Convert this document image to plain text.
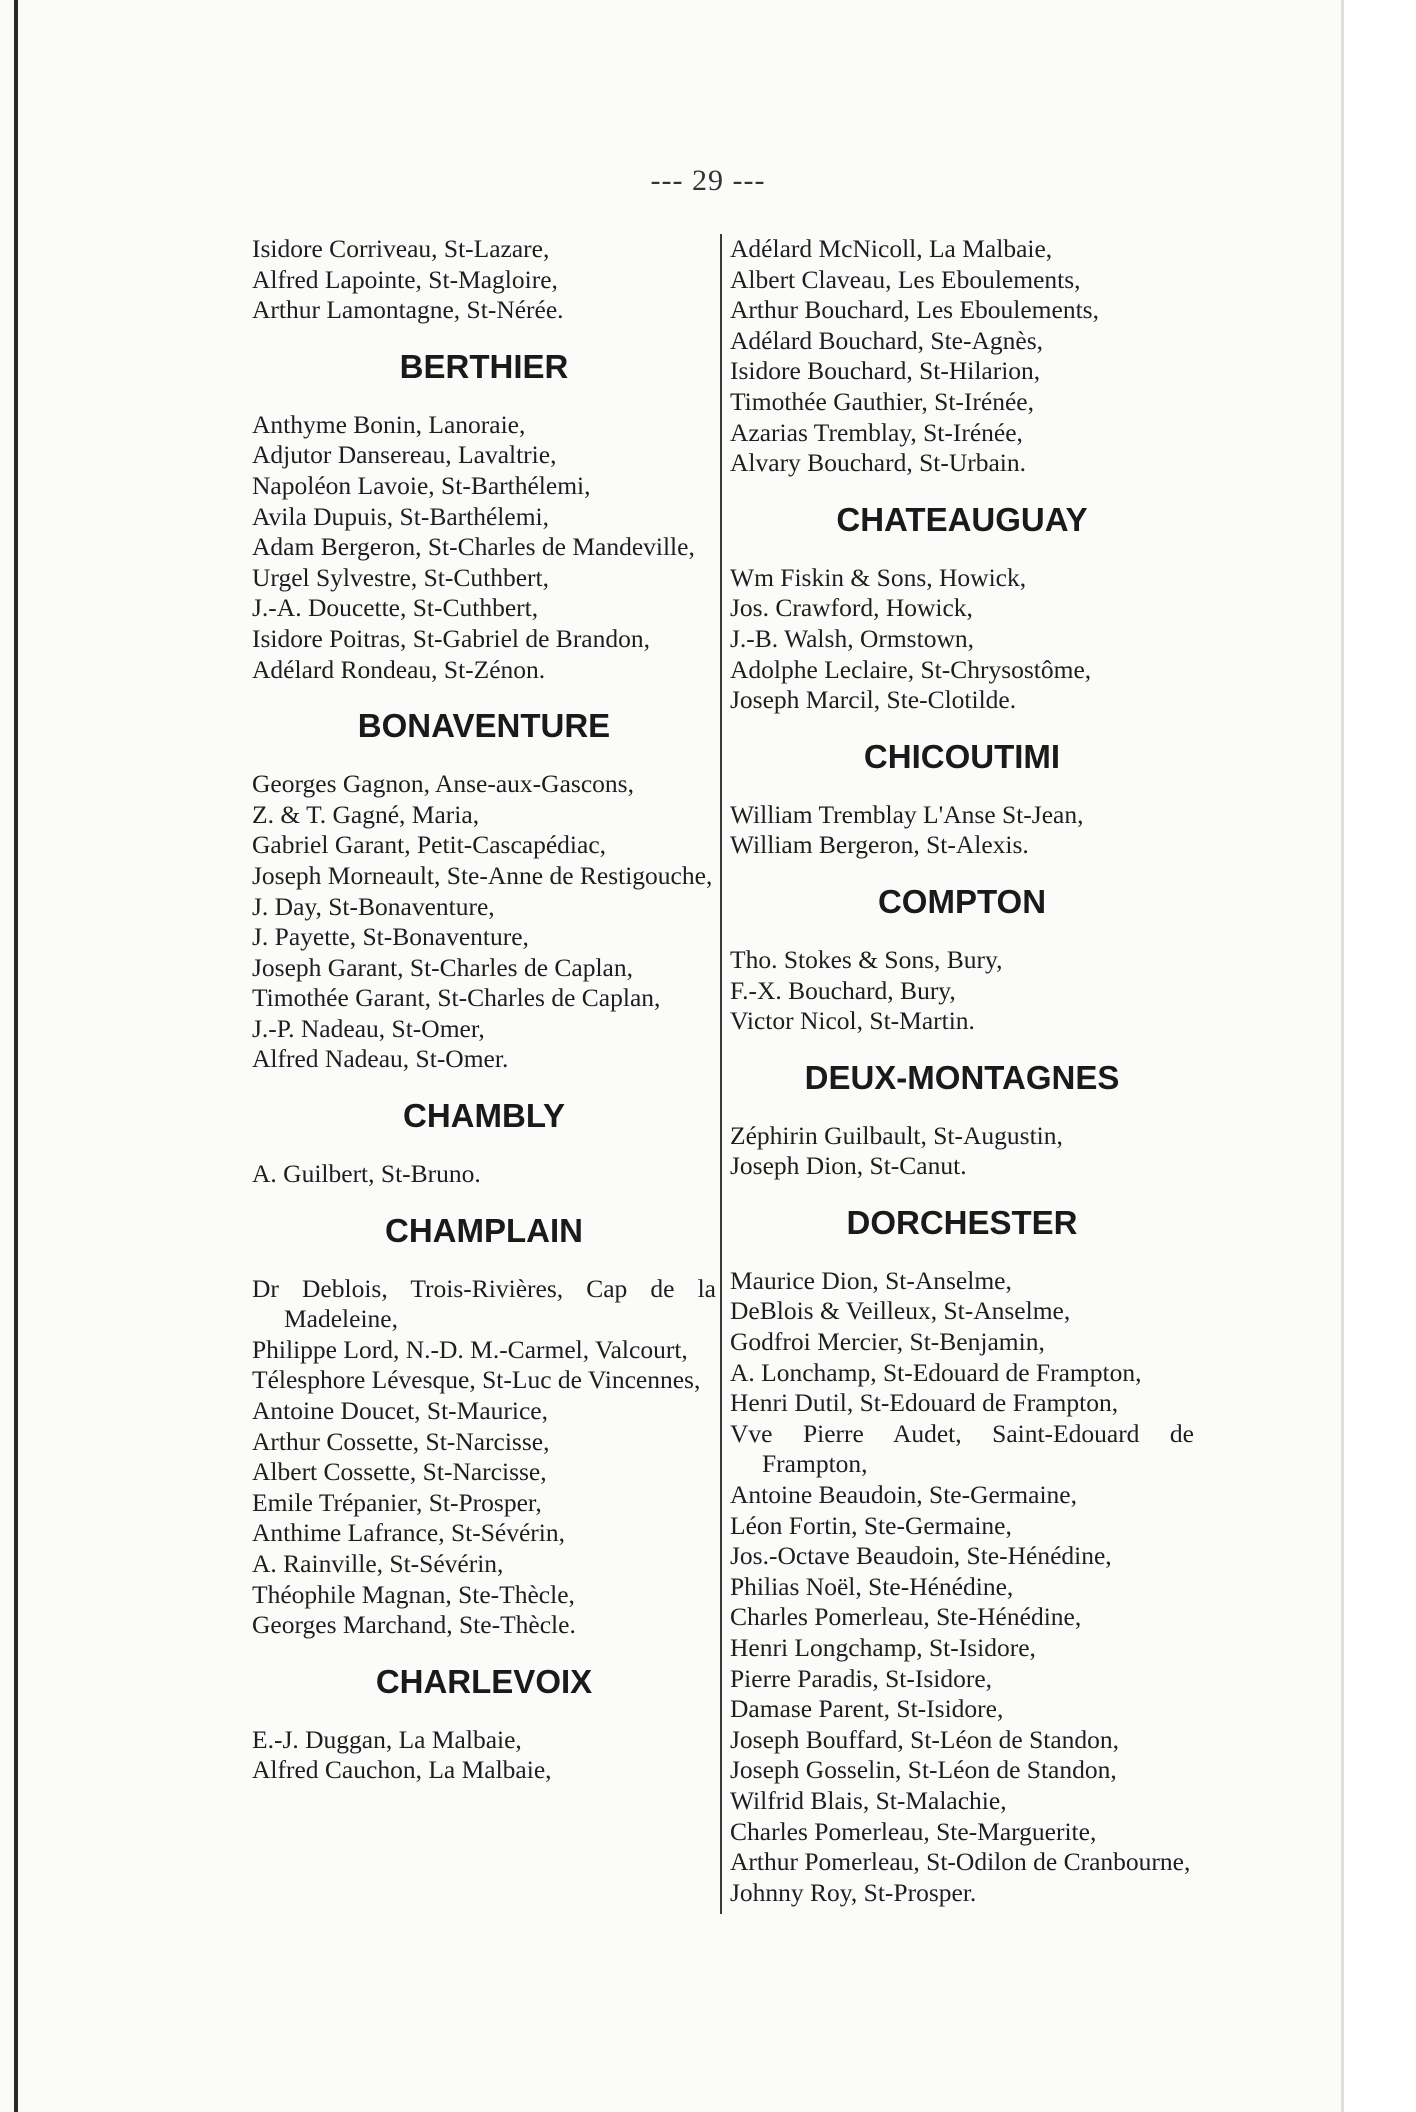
--- 29 ---

Isidore Corriveau, St-Lazare,

Alfred Lapointe, St-Magloire,

Arthur Lamontagne, St-Nérée.

BERTHIER

Anthyme Bonin, Lanoraie,

Adjutor Dansereau, Lavaltrie,

Napoléon Lavoie, St-Barthélemi,

Avila Dupuis, St-Barthélemi,

Adam Bergeron, St-Charles de Mandeville,

Urgel Sylvestre, St-Cuthbert,

J.-A. Doucette, St-Cuthbert,

Isidore Poitras, St-Gabriel de Brandon,

Adélard Rondeau, St-Zénon.

BONAVENTURE

Georges Gagnon, Anse-aux-Gascons,

Z. & T. Gagné, Maria,

Gabriel Garant, Petit-Cascapédiac,

Joseph Morneault, Ste-Anne de Restigouche,

J. Day, St-Bonaventure,

J. Payette, St-Bonaventure,

Joseph Garant, St-Charles de Caplan,

Timothée Garant, St-Charles de Caplan,

J.-P. Nadeau, St-Omer,

Alfred Nadeau, St-Omer.

CHAMBLY

A. Guilbert, St-Bruno.

CHAMPLAIN

Dr Deblois, Trois-Rivières, Cap de la Madeleine,

Philippe Lord, N.-D. M.-Carmel, Valcourt,

Télesphore Lévesque, St-Luc de Vincennes,

Antoine Doucet, St-Maurice,

Arthur Cossette, St-Narcisse,

Albert Cossette, St-Narcisse,

Emile Trépanier, St-Prosper,

Anthime Lafrance, St-Sévérin,

A. Rainville, St-Sévérin,

Théophile Magnan, Ste-Thècle,

Georges Marchand, Ste-Thècle.

CHARLEVOIX

E.-J. Duggan, La Malbaie,

Alfred Cauchon, La Malbaie,

Adélard McNicoll, La Malbaie,

Albert Claveau, Les Eboulements,

Arthur Bouchard, Les Eboulements,

Adélard Bouchard, Ste-Agnès,

Isidore Bouchard, St-Hilarion,

Timothée Gauthier, St-Irénée,

Azarias Tremblay, St-Irénée,

Alvary Bouchard, St-Urbain.

CHATEAUGUAY

Wm Fiskin & Sons, Howick,

Jos. Crawford, Howick,

J.-B. Walsh, Ormstown,

Adolphe Leclaire, St-Chrysostôme,

Joseph Marcil, Ste-Clotilde.

CHICOUTIMI

William Tremblay L'Anse St-Jean,

William Bergeron, St-Alexis.

COMPTON

Tho. Stokes & Sons, Bury,

F.-X. Bouchard, Bury,

Victor Nicol, St-Martin.

DEUX-MONTAGNES

Zéphirin Guilbault, St-Augustin,

Joseph Dion, St-Canut.

DORCHESTER

Maurice Dion, St-Anselme,

DeBlois & Veilleux, St-Anselme,

Godfroi Mercier, St-Benjamin,

A. Lonchamp, St-Edouard de Frampton,

Henri Dutil, St-Edouard de Frampton,

Vve Pierre Audet, Saint-Edouard de Frampton,

Antoine Beaudoin, Ste-Germaine,

Léon Fortin, Ste-Germaine,

Jos.-Octave Beaudoin, Ste-Hénédine,

Philias Noël, Ste-Hénédine,

Charles Pomerleau, Ste-Hénédine,

Henri Longchamp, St-Isidore,

Pierre Paradis, St-Isidore,

Damase Parent, St-Isidore,

Joseph Bouffard, St-Léon de Standon,

Joseph Gosselin, St-Léon de Standon,

Wilfrid Blais, St-Malachie,

Charles Pomerleau, Ste-Marguerite,

Arthur Pomerleau, St-Odilon de Cranbourne,

Johnny Roy, St-Prosper.
